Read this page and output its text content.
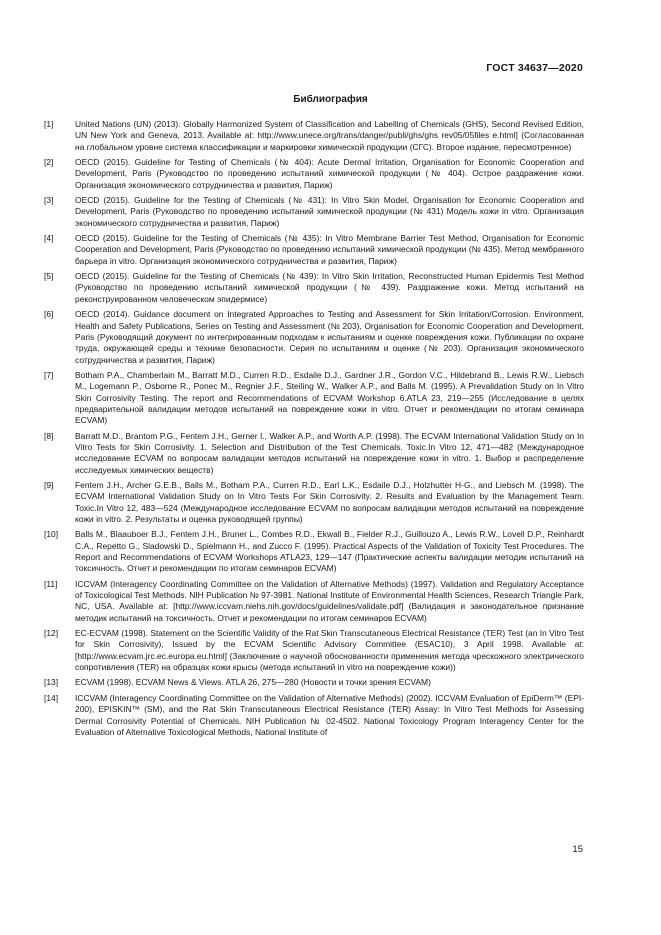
ГОСТ 34637—2020
Библиография
[1]	United Nations (UN) (2013). Globally Harmonized System of Classification and Labelling of Chemicals (GHS), Second Revised Edition, UN New York and Geneva, 2013. Available at: http://www.unece.org/trans/danger/publi/ghs/ghs rev05/05files e.html] (Согласованная на глобальном уровне система классификации и маркировки химической продукции (СГС). Второе издание, пересмотренное)
[2]	OECD (2015). Guideline for Testing of Chemicals (№ 404): Acute Dermal Irritation, Organisation for Economic Cooperation and Development, Paris (Руководство по проведению испытаний химической продукции (№ 404). Острое раздражение кожи. Организация экономического сотрудничества и развития, Париж)
[3]	OECD (2015). Guideline for the Testing of Chemicals (№ 431): In Vitro Skin Model, Organisation for Economic Cooperation and Development, Paris (Руководство по проведению испытаний химической продукции (№ 431) Модель кожи in vitro. Организация экономического сотрудничества и развития, Париж)
[4]	OECD (2015). Guideline for the Testing of Chemicals (№ 435): In Vitro Membrane Barrier Test Method, Organisation for Economic Cooperation and Development, Paris (Руководство по проведению испытаний химической продукции (№ 435). Метод мембранного барьера in vitro. Организация экономического сотрудничества и развития, Париж)
[5]	OECD (2015). Guideline for the Testing of Chemicals (№ 439): In Vitro Skin Irritation, Reconstructed Human Epidermis Test Method (Руководство по проведению испытаний химической продукции (№ 439). Раздражение кожи. Метод испытаний на реконструированном человеческом эпидермисе)
[6]	OECD (2014). Guidance document on Integrated Approaches to Testing and Assessment for Skin Irritation/Corrosion. Environment, Health and Safety Publications, Series on Testing and Assessment (№ 203), Organisation for Economic Cooperation and Development, Paris (Руководящий документ по интегрированным подходам к испытаниям и оценке повреждения кожи. Публикации по охране труда, окружающей среды и технике безопасности. Серия по испытаниям и оценке (№ 203). Организация экономического сотрудничества и развития, Париж)
[7]	Botham P.A., Chamberlain M., Barratt M.D., Curren R.D., Esdaile D.J., Gardner J.R., Gordon V.C., Hildebrand B., Lewis R.W., Liebsch M., Logemann P., Osborne R., Ponec M., Regnier J.F., Steiling W., Walker A.P., and Balls M. (1995). A Prevalidation Study on In Vitro Skin Corrosivity Testing. The report and Recommendations of ECVAM Workshop 6.ATLA 23, 219—255 (Исследование в целях предварительной валидации методов испытаний на повреждение кожи in vitro. Отчет и рекомендации по итогам семинара ECVAM)
[8]	Barratt M.D., Brantom P.G., Fentem J.H., Gerner I., Walker A.P., and Worth A.P. (1998). The ECVAM International Validation Study on In Vitro Tests for Skin Corrosivity. 1. Selection and Distribution of the Test Chemicals. Toxic.In Vitro 12, 471—482 (Международное исследование ECVAM по вопросам валидации методов испытаний на повреждение кожи in vitro. 1. Выбор и распределение исследуемых химических веществ)
[9]	Fentem J.H., Archer G.E.B., Balls M., Botham P.A., Curren R.D., Earl L.K., Esdaile D.J., Holzhutter H-G., and Liebsch M. (1998). The ECVAM International Validation Study on In Vitro Tests For Skin Corrosivity. 2. Results and Evaluation by the Management Team. Toxic.In Vitro 12, 483—524 (Международное исследование ECVAM по вопросам валидации методов испытаний на повреждение кожи in vitro. 2. Результаты и оценка руководящей группы)
[10]	Balls M., Blaauboer B.J., Fentem J.H., Bruner L., Combes R.D., Ekwall B., Fielder R.J., Guillouzo A., Lewis R.W., Lovell D.P., Reinhardt C.A., Repetto G., Sladowski D., Spielmann H., and Zucco F. (1995). Practical Aspects of the Validation of Toxicity Test Procedures. The Report and Recommendations of ECVAM Workshops ATLA23, 129—147 (Практические аспекты валидации методик испытаний на токсичность. Отчет и рекомендации по итогам семинаров ECVAM)
[11]	ICCVAM (Interagency Coordinating Committee on the Validation of Alternative Methods) (1997). Validation and Regulatory Acceptance of Toxicological Test Methods. NIH Publication № 97-3981. National Institute of Environmental Health Sciences, Research Triangle Park, NC, USA. Available at: [http://www.iccvam.niehs.nih.gov/docs/guidelines/validate.pdf] (Валидация и законодательное признание методик испытаний на токсичность. Отчет и рекомендации по итогам семинаров ECVAM)
[12]	EC-ECVAM (1998). Statement on the Scientific Validity of the Rat Skin Transcutaneous Electrical Resistance (TER) Test (an In Vitro Test for Skin Corrosivity), Issued by the ECVAM Scientific Advisory Committee (ESAC10), 3 April 1998. Available at: [http://www.ecvam.jrc.ec.europa.eu.html] (Заключение о научной обоснованности применения метода чрескожного электрического сопротивления (TER) на образцах кожи крысы (метода испытаний in vitro на повреждение кожи))
[13]	ECVAM (1998). ECVAM News & Views. ATLA 26, 275—280 (Новости и точки зрения ECVAM)
[14]	ICCVAM (Interagency Coordinating Committee on the Validation of Alternative Methods) (2002). ICCVAM Evaluation of EpiDerm™ (EPI-200), EPISKIN™ (SM), and the Rat Skin Transcutaneous Electrical Resistance (TER) Assay: In Vitro Test Methods for Assessing Dermal Corrosivity Potential of Chemicals. NIH Publication № 02-4502. National Toxicology Program Interagency Center for the Evaluation of Alternative Toxicological Methods, National Institute of
15
